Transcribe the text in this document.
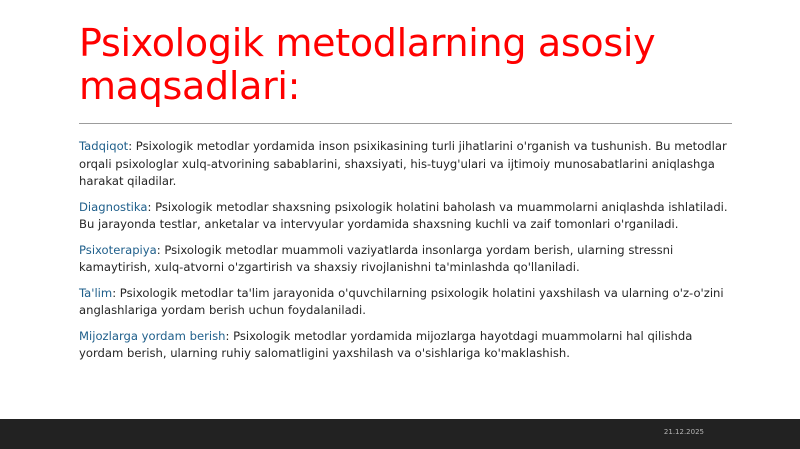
Psixologik metodlarning asosiy maqsadlari:

Tadqiqot: Psixologik metodlar yordamida inson psixikasining turli jihatlarini o'rganish va tushunish. Bu metodlar orqali psixologlar xulq-atvorining sabablarini, shaxsiyati, his-tuyg'ulari va ijtimoiy munosabatlarini aniqlashga harakat qiladilar.

Diagnostika: Psixologik metodlar shaxsning psixologik holatini baholash va muammolarni aniqlashda ishlatiladi. Bu jarayonda testlar, anketalar va intervyular yordamida shaxsning kuchli va zaif tomonlari o'rganiladi.

Psixoterapiya: Psixologik metodlar muammoli vaziyatlarda insonlarga yordam berish, ularning stressni kamaytirish, xulq-atvorni o'zgartirish va shaxsiy rivojlanishni ta'minlashda qo'llaniladi.

Ta'lim: Psixologik metodlar ta'lim jarayonida o'quvchilarning psixologik holatini yaxshilash va ularning o'z-o'zini anglashlariga yordam berish uchun foydalaniladi.

Mijozlarga yordam berish: Psixologik metodlar yordamida mijozlarga hayotdagi muammolarni hal qilishda yordam berish, ularning ruhiy salomatligini yaxshilash va o'sishlariga ko'maklashish.

21.12.2025
